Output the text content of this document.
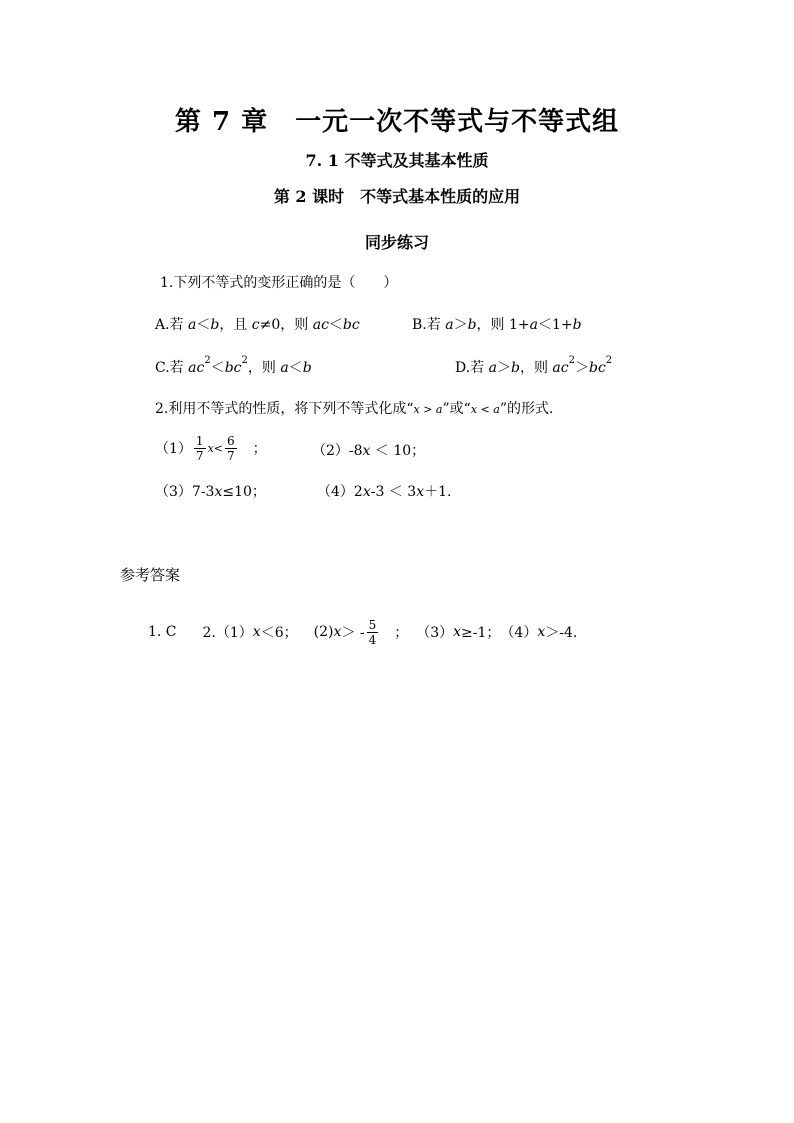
第 7 章　一元一次不等式与不等式组
7. 1 不等式及其基本性质
第 2 课时　不等式基本性质的应用
同步练习
1.下列不等式的变形正确的是（　　）
A.若 a＜b，且 c≠0，则 ac＜bc	B.若 a＞b，则 1+a＜1+b
C.若 $ac^2<bc^2$，则 a＜b	D.若 a＞b，则 $ac^2>bc^2$
2.利用不等式的性质，将下列不等式化成“x > a”或“x < a”的形式.
$(1) \frac{1}{7}$ $x < \frac{6}{7}$ 　；	（2）-8x ＜ 10；
（3）7-3x≤10；	（4）2x-3 ＜ 3x＋1.
参考答案
1. C 2.（1） x ＜6； (2) x ＞ - $\frac{5}{4}$ ； （3） x ≥-1； （4） x ＞-4.
